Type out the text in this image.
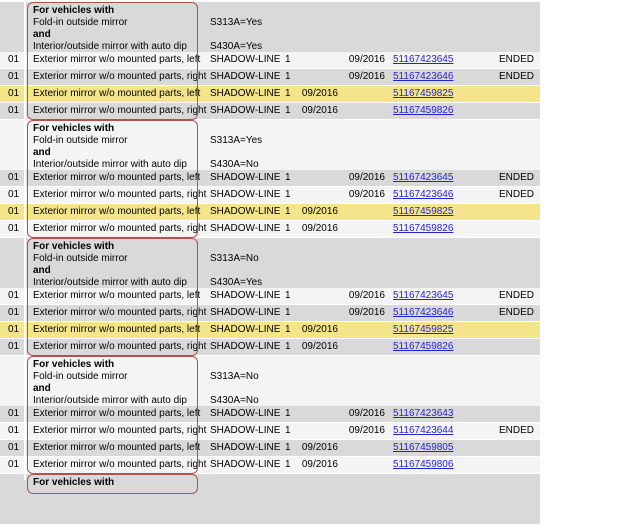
For vehicles with
Fold-in outside mirror	S313A=Yes
and
Interior/outside mirror with auto dip S430A=Yes
01 Exterior mirror w/o mounted parts, left SHADOW-LINE 1	09/2016 51167423645	ENDED
01 Exterior mirror w/o mounted parts, right SHADOW-LINE 1	09/2016 51167423646	ENDED
01 Exterior mirror w/o mounted parts, left SHADOW-LINE 1 09/2016	51167459825
01 Exterior mirror w/o mounted parts, right SHADOW-LINE 1 09/2016	51167459826
For vehicles with
Fold-in outside mirror	S313A=Yes
and
Interior/outside mirror with auto dip S430A=No
01 Exterior mirror w/o mounted parts, left SHADOW-LINE 1	09/2016 51167423645	ENDED
01 Exterior mirror w/o mounted parts, right SHADOW-LINE 1	09/2016 51167423646	ENDED
01 Exterior mirror w/o mounted parts, left SHADOW-LINE 1 09/2016	51167459825
01 Exterior mirror w/o mounted parts, right SHADOW-LINE 1 09/2016	51167459826
For vehicles with
Fold-in outside mirror	S313A=No
and
Interior/outside mirror with auto dip S430A=Yes
01 Exterior mirror w/o mounted parts, left SHADOW-LINE 1	09/2016 51167423645	ENDED
01 Exterior mirror w/o mounted parts, right SHADOW-LINE 1	09/2016 51167423646	ENDED
01 Exterior mirror w/o mounted parts, left SHADOW-LINE 1 09/2016	51167459825
01 Exterior mirror w/o mounted parts, right SHADOW-LINE 1 09/2016	51167459826
For vehicles with
Fold-in outside mirror	S313A=No
and
Interior/outside mirror with auto dip S430A=No
01 Exterior mirror w/o mounted parts, left SHADOW-LINE 1	09/2016 51167423643
01 Exterior mirror w/o mounted parts, right SHADOW-LINE 1	09/2016 51167423644	ENDED
01 Exterior mirror w/o mounted parts, left SHADOW-LINE 1 09/2016	51167459805
01 Exterior mirror w/o mounted parts, right SHADOW-LINE 1 09/2016	51167459806
For vehicles with
